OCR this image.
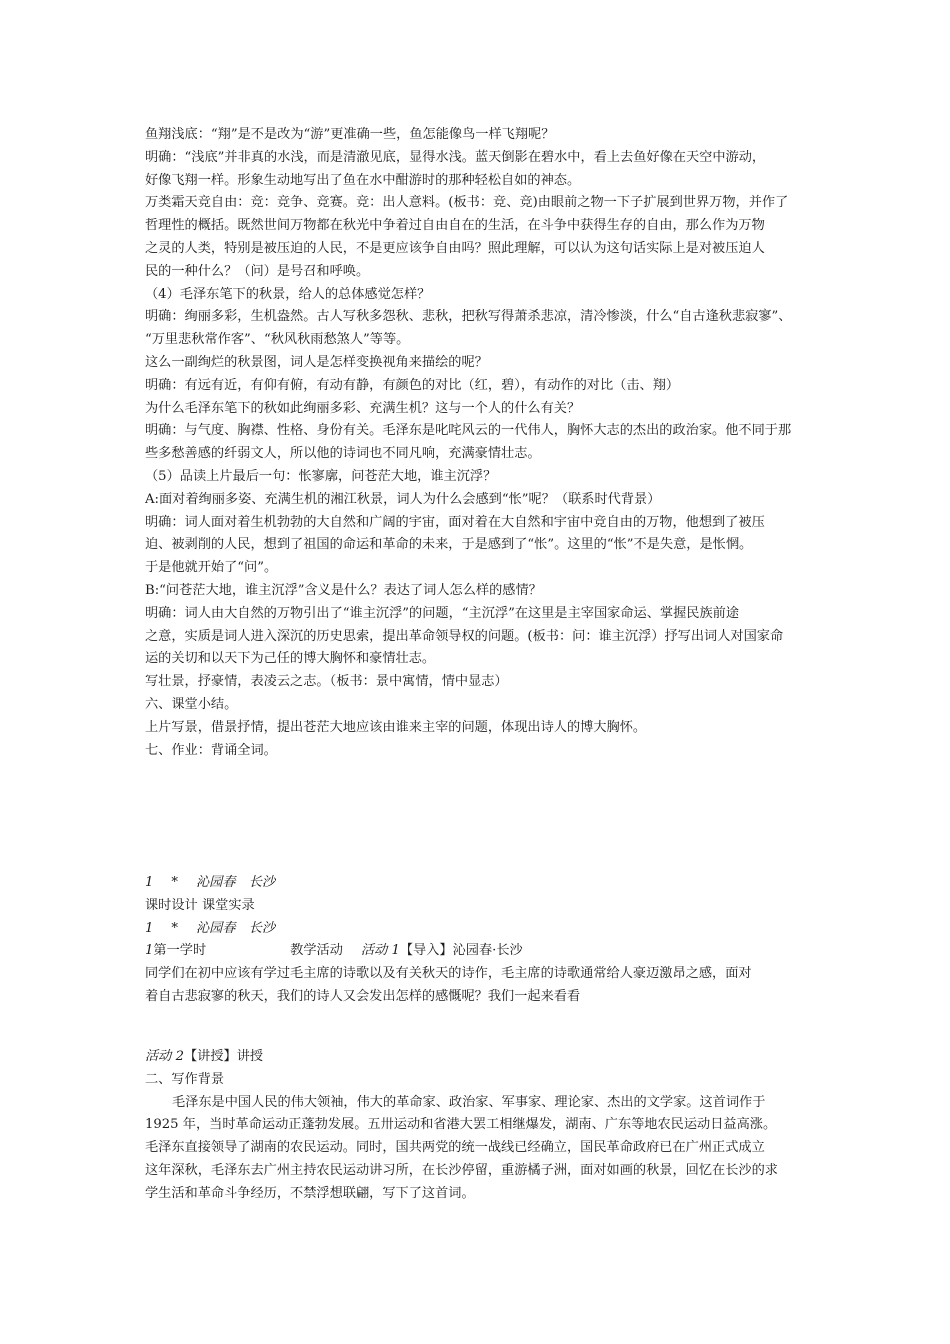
鱼翔浅底：“翔”是不是改为“游”更准确一些，鱼怎能像鸟一样飞翔呢？
明确：“浅底”并非真的水浅，而是清澈见底，显得水浅。蓝天倒影在碧水中，看上去鱼好像在天空中游动，
好像飞翔一样。形象生动地写出了鱼在水中酣游时的那种轻松自如的神态。
万类霜天竞自由：竞：竞争、竞赛。竞：出人意料。(板书：竞、竞)由眼前之物一下子扩展到世界万物，并作了
哲理性的概括。既然世间万物都在秋光中争着过自由自在的生活，在斗争中获得生存的自由，那么作为万物
之灵的人类，特别是被压迫的人民，不是更应该争自由吗？照此理解，可以认为这句话实际上是对被压迫人
民的一种什么？（问）是号召和呼唤。
（4）毛泽东笔下的秋景，给人的总体感觉怎样？
明确：绚丽多彩，生机盎然。古人写秋多怨秋、悲秋，把秋写得萧杀悲凉，清冷惨淡，什么“自古逢秋悲寂寥”、
“万里悲秋常作客”、“秋风秋雨愁煞人”等等。
这么一副绚烂的秋景图，词人是怎样变换视角来描绘的呢？
明确：有远有近，有仰有俯，有动有静，有颜色的对比（红，碧），有动作的对比（击、翔）
为什么毛泽东笔下的秋如此绚丽多彩、充满生机？这与一个人的什么有关？
明确：与气度、胸襟、性格、身份有关。毛泽东是叱咤风云的一代伟人，胸怀大志的杰出的政治家。他不同于那
些多愁善感的纤弱文人，所以他的诗词也不同凡响，充满豪情壮志。
（5）品读上片最后一句：怅寥廓，问苍茫大地，谁主沉浮？
A:面对着绚丽多姿、充满生机的湘江秋景，词人为什么会感到“怅”呢？（联系时代背景）
明确：词人面对着生机勃勃的大自然和广阔的宇宙，面对着在大自然和宇宙中竞自由的万物，他想到了被压
迫、被剥削的人民，想到了祖国的命运和革命的未来，于是感到了“怅”。这里的“怅”不是失意，是怅惘。
于是他就开始了“问”。
B:“问苍茫大地，谁主沉浮”含义是什么？表达了词人怎么样的感情？
明确：词人由大自然的万物引出了“谁主沉浮”的问题，“主沉浮”在这里是主宰国家命运、掌握民族前途
之意，实质是词人进入深沉的历史思索，提出革命领导权的问题。(板书：问：谁主沉浮）抒写出词人对国家命
运的关切和以天下为己任的博大胸怀和豪情壮志。
写壮景，抒豪情，表凌云之志。（板书：景中寓情，情中显志）
六、课堂小结。
上片写景，借景抒情，提出苍茫大地应该由谁来主宰的问题，体现出诗人的博大胸怀。
七、作业：背诵全词。
1 * 沁园春　长沙
课时设计 课堂实录
1 * 沁园春　长沙
1第一学时	教学活动 活动 1【导入】沁园春·长沙
同学们在初中应该有学过毛主席的诗歌以及有关秋天的诗作，毛主席的诗歌通常给人豪迈激昂之感，面对
着自古悲寂寥的秋天，我们的诗人又会发出怎样的感慨呢？我们一起来看看
活动 2【讲授】讲授
二、写作背景
毛泽东是中国人民的伟大领袖，伟大的革命家、政治家、军事家、理论家、杰出的文学家。这首词作于
1925 年，当时革命运动正蓬勃发展。五卅运动和省港大罢工相继爆发，湖南、广东等地农民运动日益高涨。
毛泽东直接领导了湖南的农民运动。同时，国共两党的统一战线已经确立，国民革命政府已在广州正式成立
这年深秋，毛泽东去广州主持农民运动讲习所，在长沙停留，重游橘子洲，面对如画的秋景，回忆在长沙的求
学生活和革命斗争经历，不禁浮想联翩，写下了这首词。
